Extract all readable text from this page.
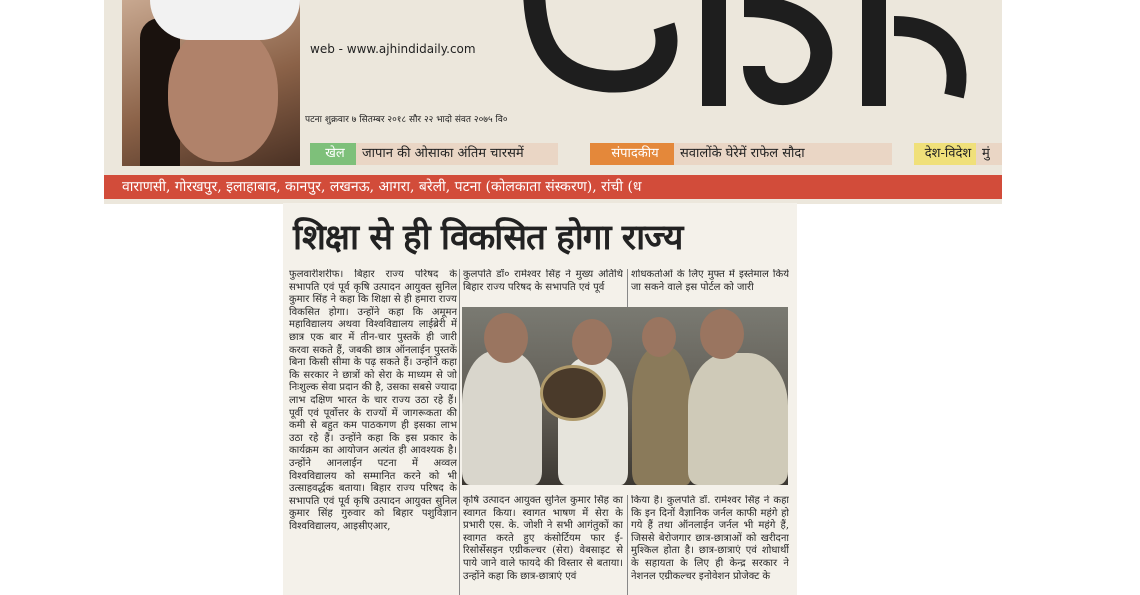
web - www.ajhindidaily.com
पटना शुक्रवार ७ सितम्बर २०१८ सौर २२ भादो संवत २०७५ वि०
खेल	जापान की ओसाका अंतिम चारसमें	संपादकीय	सवालोंके घेरेमें राफेल सौदा	देश-विदेश मुं
वाराणसी, गोरखपुर, इलाहाबाद, कानपुर, लखनऊ, आगरा, बरेली, पटना (कोलकाता संस्करण), रांची (ध
शिक्षा से ही विकसित होगा राज्य
फुलवारीशरीफ। बिहार राज्य परिषद के सभापति एवं पूर्व कृषि उत्पादन आयुक्त सुनिल कुमार सिंह ने कहा कि शिक्षा से ही हमारा राज्य विकसित होगा। उन्होंने कहा कि अमूमन महाविद्यालय अथवा विश्वविद्यालय लाईब्रेरी में छात्र एक बार में तीन-चार पुस्तकें ही जारी करवा सकते हैं, जबकी छात्र ऑनलाईन पुस्तकें बिना किसी सीमा के पढ़ सकते हैं। उन्होंने कहा कि सरकार ने छात्रों को सेरा के माध्यम से जो निःशुल्क सेवा प्रदान की है, उसका सबसे ज्यादा लाभ दक्षिण भारत के चार राज्य उठा रहे हैं। पूर्वी एवं पूर्वोत्तर के राज्यों में जागरूकता की कमी से बहुत कम पाठकगण ही इसका लाभ उठा रहे हैं। उन्होंने कहा कि इस प्रकार के कार्यक्रम का आयोजन अत्यंत ही आवश्यक है। उन्होंने आनलाईन पटना में अव्वल विश्वविद्यालय को सम्मानित करने को भी उत्साहवर्द्धक बताया। बिहार राज्य परिषद के सभापति एवं पूर्व कृषि उत्पादन आयुक्त सुनिल कुमार सिंह गुरुवार को बिहार पशुविज्ञान विश्वविद्यालय, आइसीएआर,
कुलपति डॉ० रामेश्वर सिंह ने मुख्य अतिथि बिहार राज्य परिषद के सभापति एवं पूर्व
शोधकर्ताओं के लिए मुफ्त में इस्तेमाल किये जा सकने वाले इस पोर्टल को जारी
कृषि उत्पादन आयुक्त सुनिल कुमार सिंह का स्वागत किया। स्वागत भाषण में सेरा के प्रभारी एस. के. जोशी ने सभी आगंतुकों का स्वागत करते हुए कंसोर्टियम फार ई-रिसोर्सेसइन एग्रीकल्चर (सेरा) वेबसाइट से पाये जाने वाले फायदे की विस्तार से बताया। उन्होंने कहा कि छात्र-छात्राएं एवं
किया है। कुलपति डॉ. रामेश्वर सिंह ने कहा कि इन दिनों वैज्ञानिक जर्नल काफी महंगे हो गये हैं तथा ऑनलाईन जर्नल भी महंगे हैं, जिससे बेरोजगार छात्र-छात्राओं को खरीदना मुश्किल होता है। छात्र-छात्राएं एवं शोधार्थी के सहायता के लिए ही केन्द्र सरकार ने नेशनल एग्रीकल्चर इनोवेशन प्रोजेक्ट के
